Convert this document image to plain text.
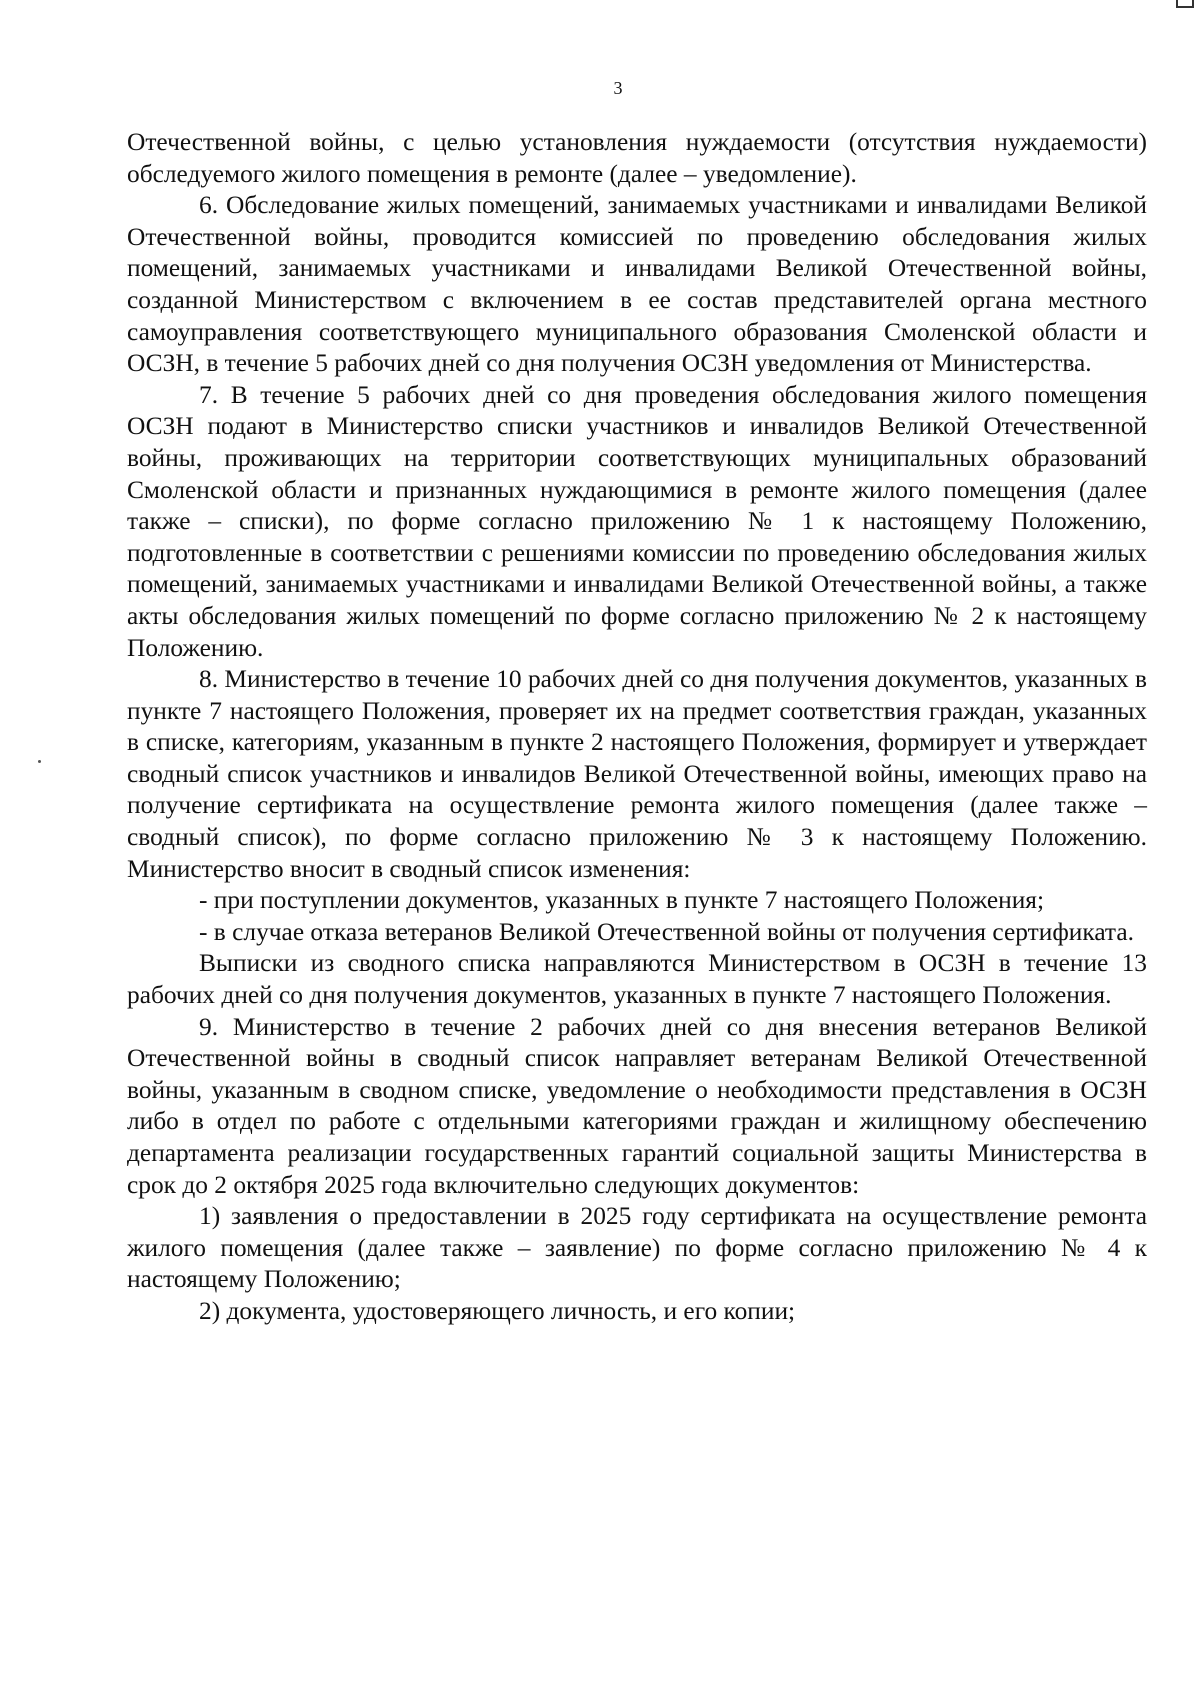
3

Отечественной войны, с целью установления нуждаемости (отсутствия нуждаемости) обследуемого жилого помещения в ремонте (далее – уведомление).

6. Обследование жилых помещений, занимаемых участниками и инвалидами Великой Отечественной войны, проводится комиссией по проведению обследования жилых помещений, занимаемых участниками и инвалидами Великой Отечественной войны, созданной Министерством с включением в ее состав представителей органа местного самоуправления соответствующего муниципального образования Смоленской области и ОСЗН, в течение 5 рабочих дней со дня получения ОСЗН уведомления от Министерства.

7. В течение 5 рабочих дней со дня проведения обследования жилого помещения ОСЗН подают в Министерство списки участников и инвалидов Великой Отечественной войны, проживающих на территории соответствующих муниципальных образований Смоленской области и признанных нуждающимися в ремонте жилого помещения (далее также – списки), по форме согласно приложению № 1 к настоящему Положению, подготовленные в соответствии с решениями комиссии по проведению обследования жилых помещений, занимаемых участниками и инвалидами Великой Отечественной войны, а также акты обследования жилых помещений по форме согласно приложению № 2 к настоящему Положению.

8. Министерство в течение 10 рабочих дней со дня получения документов, указанных в пункте 7 настоящего Положения, проверяет их на предмет соответствия граждан, указанных в списке, категориям, указанным в пункте 2 настоящего Положения, формирует и утверждает сводный список участников и инвалидов Великой Отечественной войны, имеющих право на получение сертификата на осуществление ремонта жилого помещения (далее также – сводный список), по форме согласно приложению № 3 к настоящему Положению. Министерство вносит в сводный список изменения:

- при поступлении документов, указанных в пункте 7 настоящего Положения;

- в случае отказа ветеранов Великой Отечественной войны от получения сертификата.

Выписки из сводного списка направляются Министерством в ОСЗН в течение 13 рабочих дней со дня получения документов, указанных в пункте 7 настоящего Положения.

9. Министерство в течение 2 рабочих дней со дня внесения ветеранов Великой Отечественной войны в сводный список направляет ветеранам Великой Отечественной войны, указанным в сводном списке, уведомление о необходимости представления в ОСЗН либо в отдел по работе с отдельными категориями граждан и жилищному обеспечению департамента реализации государственных гарантий социальной защиты Министерства в срок до 2 октября 2025 года включительно следующих документов:

1) заявления о предоставлении в 2025 году сертификата на осуществление ремонта жилого помещения (далее также – заявление) по форме согласно приложению № 4 к настоящему Положению;

2) документа, удостоверяющего личность, и его копии;
